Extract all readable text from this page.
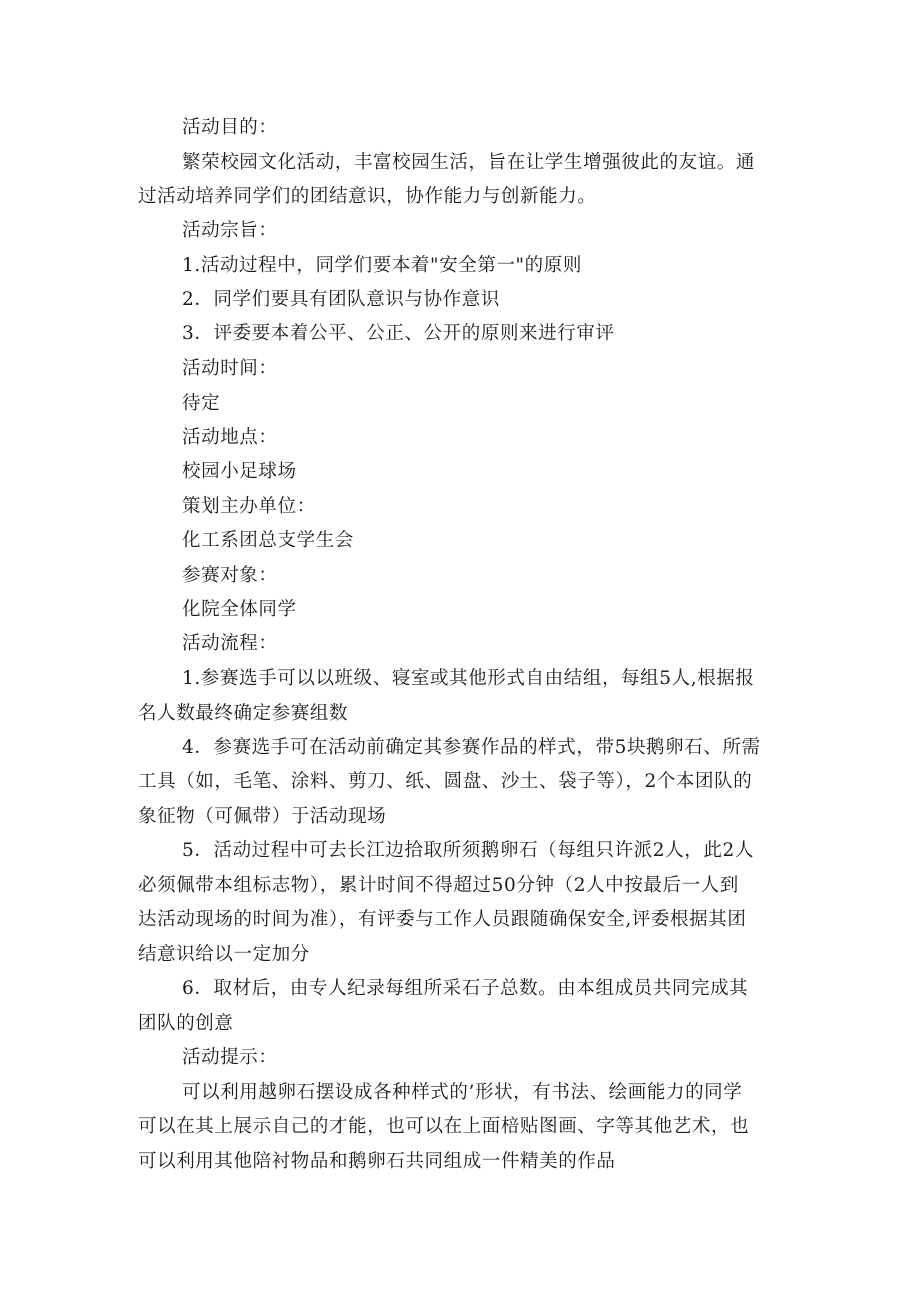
活动目的：

繁荣校园文化活动，丰富校园生活，旨在让学生增强彼此的友谊。通

过活动培养同学们的团结意识，协作能力与创新能力。

活动宗旨：

1.活动过程中，同学们要本着"安全第一"的原则

2．同学们要具有团队意识与协作意识

3．评委要本着公平、公正、公开的原则来进行审评

活动时间：

待定

活动地点：

校园小足球场

策划主办单位：

化工系团总支学生会

参赛对象：

化院全体同学

活动流程：

1.参赛选手可以以班级、寝室或其他形式自由结组，每组5人,根据报

名人数最终确定参赛组数

4．参赛选手可在活动前确定其参赛作品的样式，带5块鹅卵石、所需

工具（如，毛笔、涂料、剪刀、纸、圆盘、沙土、袋子等），2个本团队的

象征物（可佩带）于活动现场

5．活动过程中可去长江边拾取所须鹅卵石（每组只许派2人，此2人

必须佩带本组标志物），累计时间不得超过50分钟（2人中按最后一人到

达活动现场的时间为准），有评委与工作人员跟随确保安全,评委根据其团

结意识给以一定加分

6．取材后，由专人纪录每组所采石子总数。由本组成员共同完成其

团队的创意

活动提示：

可以利用越卵石摆设成各种样式的’形状，有书法、绘画能力的同学

可以在其上展示自己的才能，也可以在上面棓贴图画、字等其他艺术，也

可以利用其他陪衬物品和鹅卵石共同组成一件精美的作品
